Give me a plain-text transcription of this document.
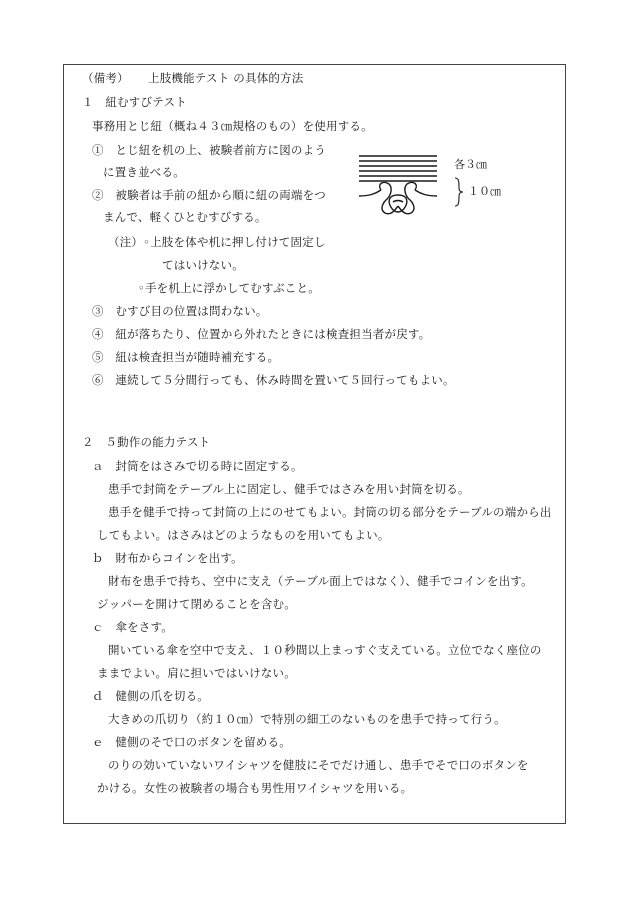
（備考） 上肢機能テスト の具体的方法
１　紐むすびテスト
事務用とじ紐（概ね４３㎝規格のもの）を使用する。
①　とじ紐を机の上、被験者前方に図のよう
に置き並べる。
②　被験者は手前の紐から順に紐の両端をつ
まんで、軽くひとむすびする。
（注）◦上肢を体や机に押し付けて固定し
てはいけない。
◦手を机上に浮かしてむすぶこと。
③　むすび目の位置は問わない。
④　紐が落ちたり、位置から外れたときには検査担当者が戻す。
⑤　紐は検査担当が随時補充する。
⑥　連続して５分間行っても、休み時間を置いて５回行ってもよい。
各３㎝
１０㎝
２　５動作の能力テスト
ａ　封筒をはさみで切る時に固定する。
患手で封筒をテーブル上に固定し、健手ではさみを用い封筒を切る。
患手を健手で持って封筒の上にのせてもよい。封筒の切る部分をテーブルの端から出
してもよい。はさみはどのようなものを用いてもよい。
ｂ　財布からコインを出す。
財布を患手で持ち、空中に支え（テーブル面上ではなく）、健手でコインを出す。
ジッパーを開けて閉めることを含む。
ｃ　傘をさす。
開いている傘を空中で支え、１０秒間以上まっすぐ支えている。立位でなく座位の
ままでよい。肩に担いではいけない。
ｄ　健側の爪を切る。
大きめの爪切り（約１０㎝）で特別の細工のないものを患手で持って行う。
ｅ　健側のそで口のボタンを留める。
のりの効いていないワイシャツを健肢にそでだけ通し、患手でそで口のボタンを
かける。女性の被験者の場合も男性用ワイシャツを用いる。
